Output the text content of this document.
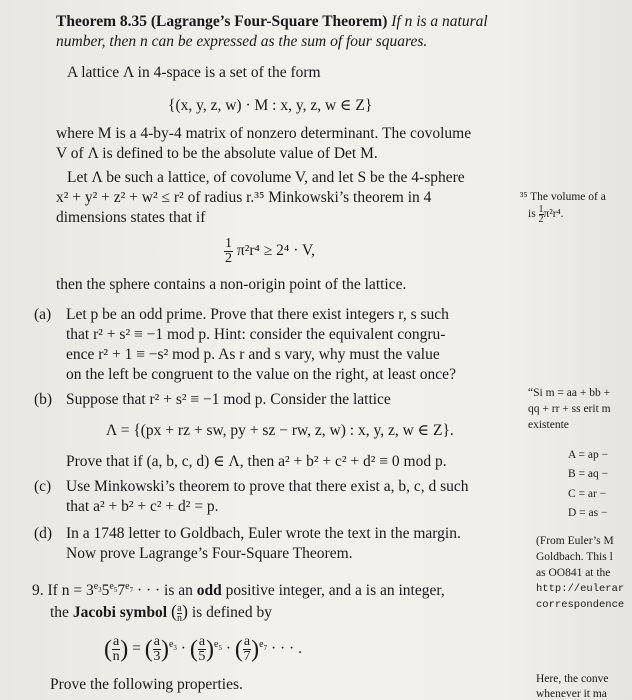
Theorem 8.35 (Lagrange’s Four-Square Theorem) If n is a natural
number, then n can be expressed as the sum of four squares.
A lattice Λ in 4-space is a set of the form
{(x, y, z, w) · M : x, y, z, w ∈ Z}
where M is a 4-by-4 matrix of nonzero determinant. The covolume
V of Λ is defined to be the absolute value of Det M.
Let Λ be such a lattice, of covolume V, and let S be the 4-sphere
x² + y² + z² + w² ≤ r² of radius r.³⁵ Minkowski’s theorem in 4
dimensions states that if
$\frac{1}{2} \pi^2r^4 \ge 2^4 \cdot V$,
then the sphere contains a non-origin point of the lattice.
(a) Let p be an odd prime. Prove that there exist integers r, s such
that r² + s² ≡ −1 mod p. Hint: consider the equivalent congru-
ence r² + 1 ≡ −s² mod p. As r and s vary, why must the value
on the left be congruent to the value on the right, at least once?
(b) Suppose that r² + s² ≡ −1 mod p. Consider the lattice
Λ = {(px + rz + sw, py + sz − rw, z, w) : x, y, z, w ∈ Z}.
Prove that if (a, b, c, d) ∈ Λ, then a² + b² + c² + d² ≡ 0 mod p.
(c) Use Minkowski’s theorem to prove that there exist a, b, c, d such
that a² + b² + c² + d² = p.
(d) In a 1748 letter to Goldbach, Euler wrote the text in the margin.
Now prove Lagrange’s Four-Square Theorem.
9. If $n = 3^{e_3}5^{e_5}7^{e_7}$ · · · is an odd positive integer, and a is an integer,
the Jacobi symbol ( $\frac{a}{n}$ ) is defined by
( $\frac{a}{n}$ ) = ( $\frac{a}{3} )^{e_3}$ · ( $\frac{a}{5} )^{e_5}$ · ( $\frac{a}{7} )^{e_7}$ · · · .
Prove the following properties.
³⁵ The volume of a
is $\frac{1}{2} \pi^2r^4$.
“Si m = aa + bb +
qq + rr + ss erit m
existente
A = ap −
B = aq −
C = ar −
D = as −
(From Euler’s M
Goldbach. This l
as OO841 at the
http://eulerar
correspondence
Here, the conve
whenever it ma
